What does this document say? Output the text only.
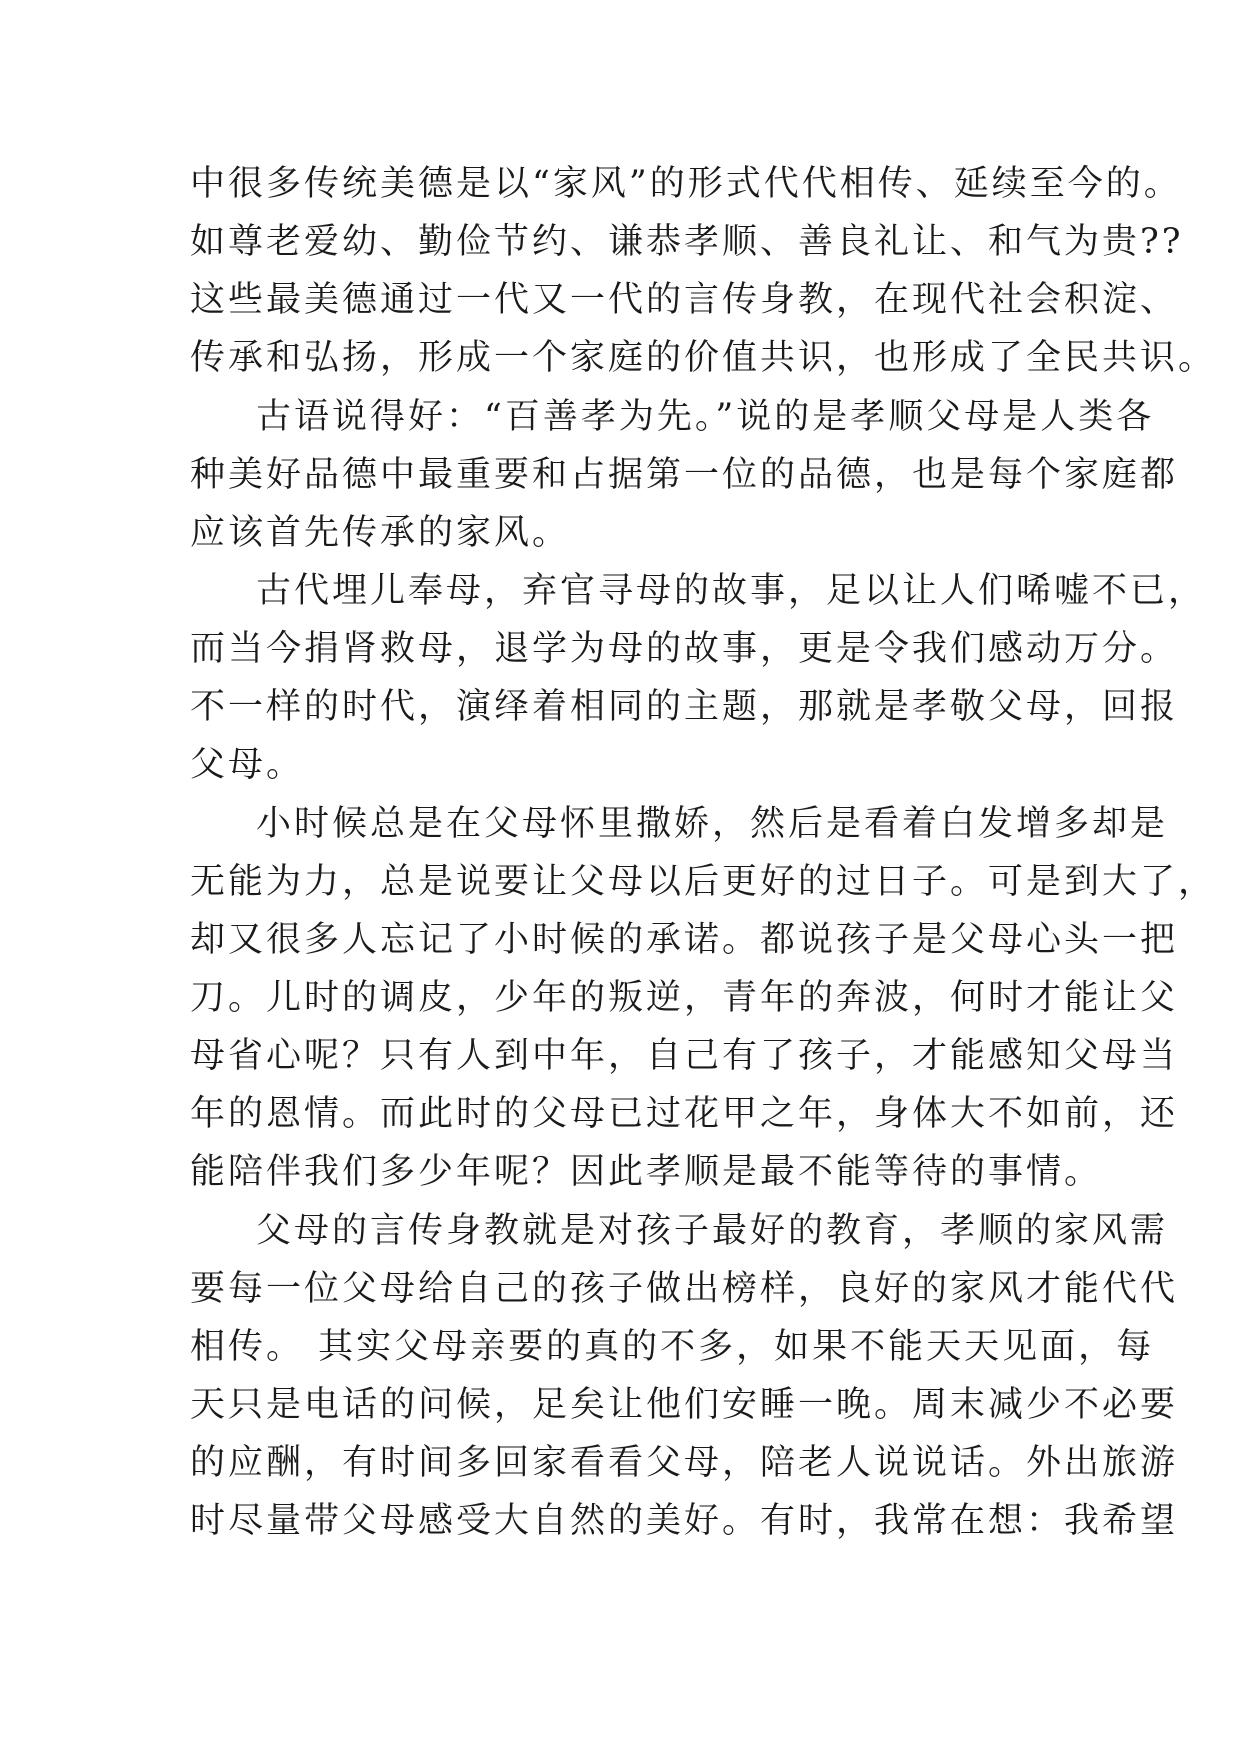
中很多传统美德是以“家风”的形式代代相传、延续至今的。
如尊老爱幼、勤俭节约、谦恭孝顺、善良礼让、和气为贵??
这些最美德通过一代又一代的言传身教，在现代社会积淀、
传承和弘扬，形成一个家庭的价值共识，也形成了全民共识。
古语说得好：“百善孝为先。”说的是孝顺父母是人类各
种美好品德中最重要和占据第一位的品德，也是每个家庭都
应该首先传承的家风。
古代埋儿奉母，弃官寻母的故事，足以让人们唏嘘不已，
而当今捐肾救母，退学为母的故事，更是令我们感动万分。
不一样的时代，演绎着相同的主题，那就是孝敬父母，回报
父母。
小时候总是在父母怀里撒娇，然后是看着白发增多却是
无能为力，总是说要让父母以后更好的过日子。可是到大了，
却又很多人忘记了小时候的承诺。都说孩子是父母心头一把
刀。儿时的调皮，少年的叛逆，青年的奔波，何时才能让父
母省心呢？只有人到中年，自己有了孩子，才能感知父母当
年的恩情。而此时的父母已过花甲之年，身体大不如前，还
能陪伴我们多少年呢？因此孝顺是最不能等待的事情。
父母的言传身教就是对孩子最好的教育，孝顺的家风需
要每一位父母给自己的孩子做出榜样，良好的家风才能代代
相传。 其实父母亲要的真的不多，如果不能天天见面，每
天只是电话的问候，足矣让他们安睡一晚。周末减少不必要
的应酬，有时间多回家看看父母，陪老人说说话。外出旅游
时尽量带父母感受大自然的美好。有时，我常在想：我希望
